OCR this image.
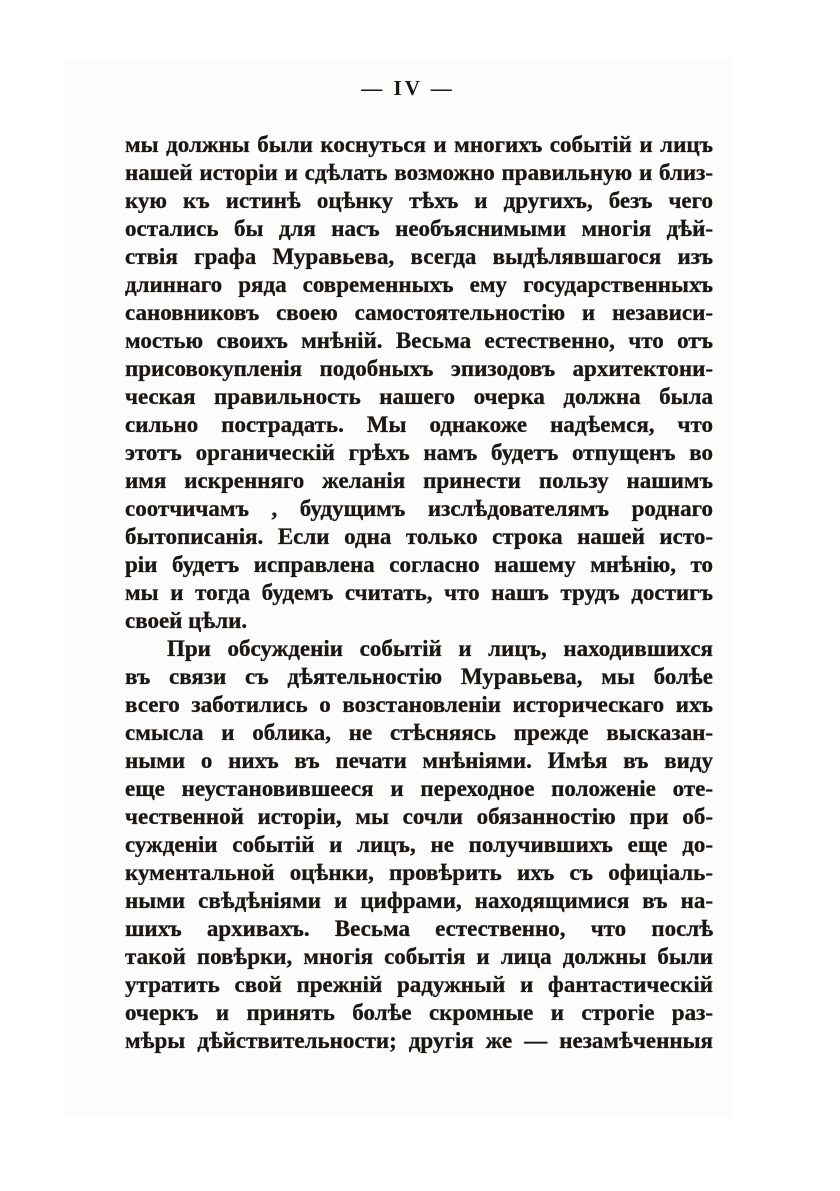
— IV —
мы должны были коснуться и многихъ событій и лицъ
нашей исторіи и сдѣлать возможно правильную и близ-
кую къ истинѣ оцѣнку тѣхъ и другихъ, безъ чего
остались бы для насъ необъяснимыми многія дѣй-
ствія графа Муравьева, всегда выдѣлявшагося изъ
длиннаго ряда современныхъ ему государственныхъ
сановниковъ своею самостоятельностію и независи-
мостью своихъ мнѣній. Весьма естественно, что отъ
присовокупленія подобныхъ эпизодовъ архитектони-
ческая правильность нашего очерка должна была
сильно пострадать. Мы однакоже надѣемся, что
этотъ органическій грѣхъ намъ будетъ отпущенъ во
имя искренняго желанія принести пользу нашимъ
соотчичамъ , будущимъ изслѣдователямъ роднаго
бытописанія. Если одна только строка нашей исто-
ріи будетъ исправлена согласно нашему мнѣнію, то
мы и тогда будемъ считать, что нашъ трудъ достигъ
своей цѣли.
При обсужденіи событій и лицъ, находившихся
въ связи съ дѣятельностію Муравьева, мы болѣе
всего заботились о возстановленіи историческаго ихъ
смысла и облика, не стѣсняясь прежде высказан-
ными о нихъ въ печати мнѣніями. Имѣя въ виду
еще неустановившееся и переходное положеніе оте-
чественной исторіи, мы сочли обязанностію при об-
сужденіи событій и лицъ, не получившихъ еще до-
кументальной оцѣнки, провѣрить ихъ съ офиціаль-
ными свѣдѣніями и цифрами, находящимися въ на-
шихъ архивахъ. Весьма естественно, что послѣ
такой повѣрки, многія событія и лица должны были
утратить свой прежній радужный и фантастическій
очеркъ и принять болѣе скромные и строгіе раз-
мѣры дѣйствительности; другія же — незамѣченныя
